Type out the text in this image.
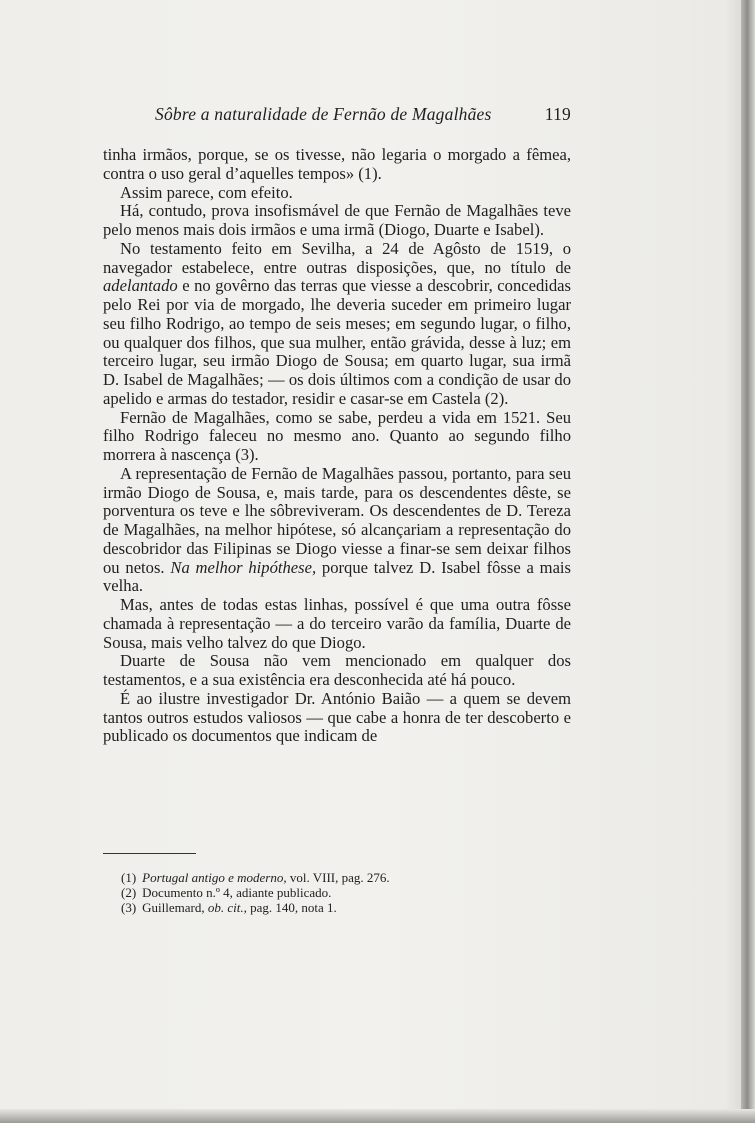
Sôbre a naturalidade de Fernão de Magalhães	119

tinha irmãos, porque, se os tivesse, não legaria o morgado a fêmea, contra o uso geral d’aquelles tempos» (1).

Assim parece, com efeito.

Há, contudo, prova insofismável de que Fernão de Magalhães teve pelo menos mais dois irmãos e uma irmã (Diogo, Duarte e Isabel).

No testamento feito em Sevilha, a 24 de Agôsto de 1519, o navegador estabelece, entre outras disposições, que, no título de adelantado e no govêrno das terras que viesse a descobrir, concedidas pelo Rei por via de morgado, lhe deveria suceder em primeiro lugar seu filho Rodrigo, ao tempo de seis meses; em segundo lugar, o filho, ou qualquer dos filhos, que sua mulher, então grávida, desse à luz; em terceiro lugar, seu irmão Diogo de Sousa; em quarto lugar, sua irmã D. Isabel de Magalhães; — os dois últimos com a condição de usar do apelido e armas do testador, residir e casar-se em Castela (2).

Fernão de Magalhães, como se sabe, perdeu a vida em 1521. Seu filho Rodrigo faleceu no mesmo ano. Quanto ao segundo filho morrera à nascença (3).

A representação de Fernão de Magalhães passou, portanto, para seu irmão Diogo de Sousa, e, mais tarde, para os descendentes dêste, se porventura os teve e lhe sôbreviveram. Os descendentes de D. Tereza de Magalhães, na melhor hipótese, só alcançariam a representação do descobridor das Filipinas se Diogo viesse a finar-se sem deixar filhos ou netos. Na melhor hipóthese, porque talvez D. Isabel fôsse a mais velha.

Mas, antes de todas estas linhas, possível é que uma outra fôsse chamada à representação — a do terceiro varão da família, Duarte de Sousa, mais velho talvez do que Diogo.

Duarte de Sousa não vem mencionado em qualquer dos testamentos, e a sua existência era desconhecida até há pouco.

É ao ilustre investigador Dr. António Baião — a quem se devem tantos outros estudos valiosos — que cabe a honra de ter descoberto e publicado os documentos que indicam de

(1) Portugal antigo e moderno, vol. VIII, pag. 276.
(2) Documento n.º 4, adiante publicado.
(3) Guillemard, ob. cit., pag. 140, nota 1.
